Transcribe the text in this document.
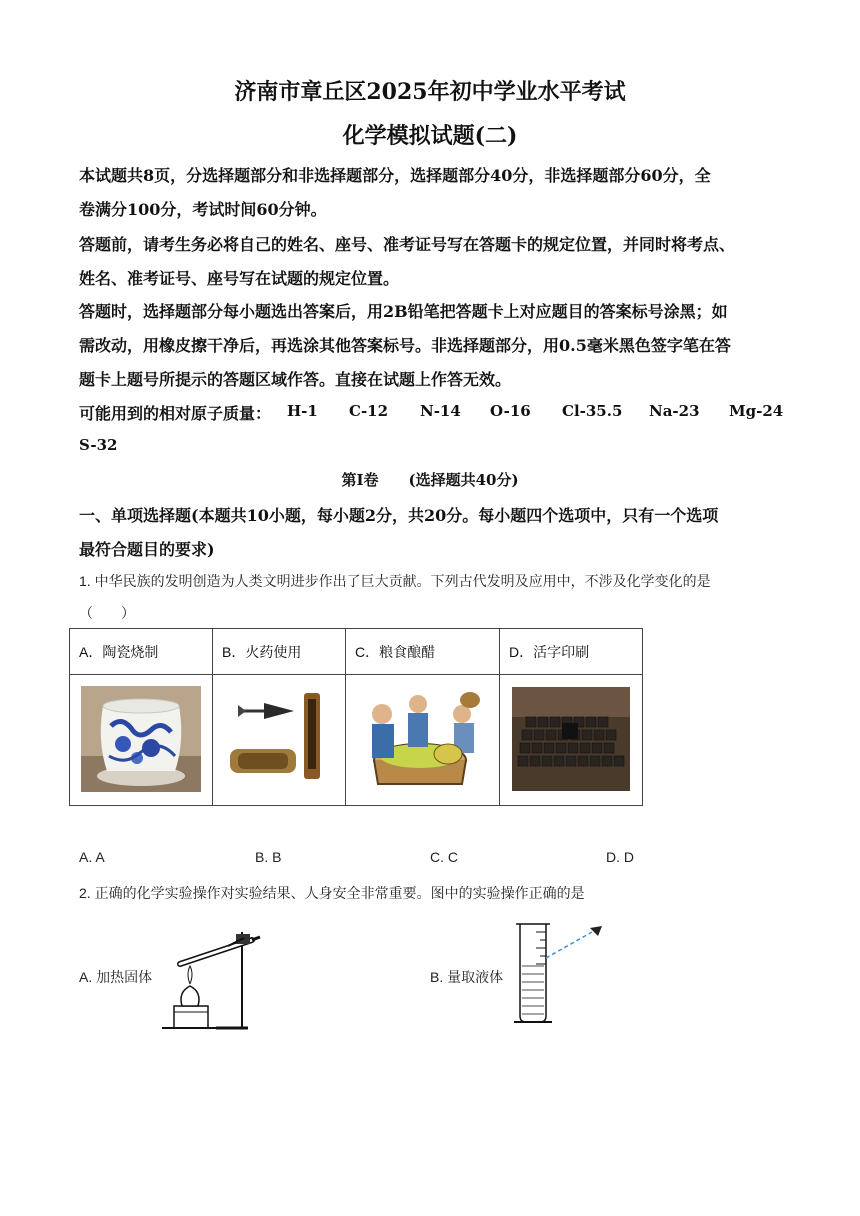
济南市章丘区2025年初中学业水平考试
化学模拟试题(二)
本试题共8页，分选择题部分和非选择题部分，选择题部分40分，非选择题部分60分，全
卷满分100分，考试时间60分钟。
答题前，请考生务必将自己的姓名、座号、准考证号写在答题卡的规定位置，并同时将考点、
姓名、准考证号、座号写在试题的规定位置。
答题时，选择题部分每小题选出答案后，用2B铅笔把答题卡上对应题目的答案标号涂黑；如
需改动，用橡皮擦干净后，再选涂其他答案标号。非选择题部分，用0.5毫米黑色签字笔在答
题卡上题号所提示的答题区域作答。直接在试题上作答无效。
可能用到的相对原子质量： H-1 C-12 N-14 O-16 Cl-35.5 Na-23 Mg-24
S-32
第Ⅰ卷　　(选择题共40分)
一、单项选择题(本题共10小题，每小题2分，共20分。每小题四个选项中，只有一个选项
最符合题目的要求)
1. 中华民族的发明创造为人类文明进步作出了巨大贡献。下列古代发明及应用中，不涉及化学变化的是
（　　）
A．陶瓷烧制	B．火药使用	C．粮食酿醋	D．活字印刷

A. A	B. B	C. C	D. D
2. 正确的化学实验操作对实验结果、人身安全非常重要。图中的实验操作正确的是
A. 加热固体	B. 量取液体
